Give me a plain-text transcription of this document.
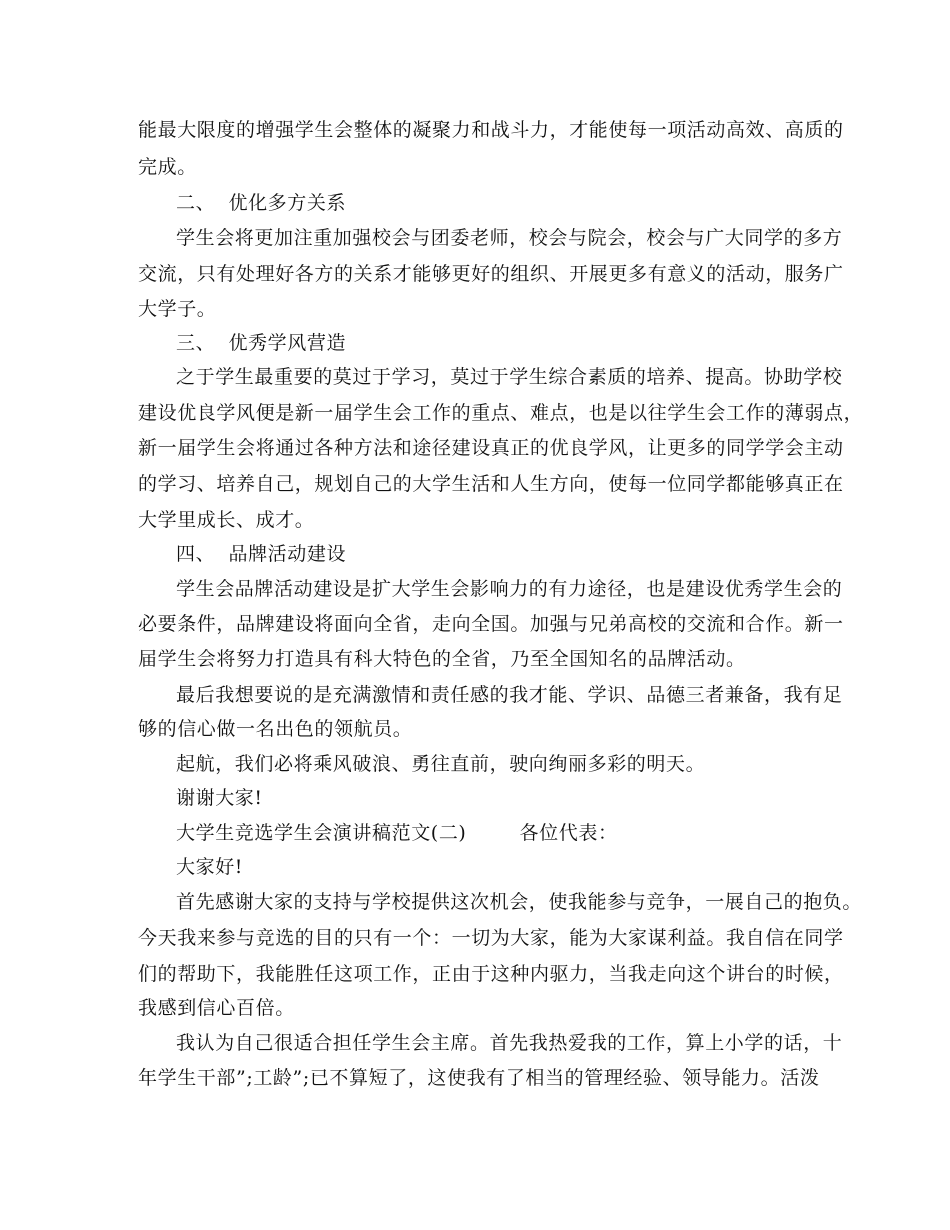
能最大限度的增强学生会整体的凝聚力和战斗力，才能使每一项活动高效、高质的
完成。
二、  优化多方关系
学生会将更加注重加强校会与团委老师，校会与院会，校会与广大同学的多方
交流，只有处理好各方的关系才能够更好的组织、开展更多有意义的活动，服务广
大学子。
三、  优秀学风营造
之于学生最重要的莫过于学习，莫过于学生综合素质的培养、提高。协助学校
建设优良学风便是新一届学生会工作的重点、难点，也是以往学生会工作的薄弱点，
新一届学生会将通过各种方法和途径建设真正的优良学风，让更多的同学学会主动
的学习、培养自己，规划自己的大学生活和人生方向，使每一位同学都能够真正在
大学里成长、成才。
四、  品牌活动建设
学生会品牌活动建设是扩大学生会影响力的有力途径，也是建设优秀学生会的
必要条件，品牌建设将面向全省，走向全国。加强与兄弟高校的交流和合作。新一
届学生会将努力打造具有科大特色的全省，乃至全国知名的品牌活动。
最后我想要说的是充满激情和责任感的我才能、学识、品德三者兼备，我有足
够的信心做一名出色的领航员。
起航，我们必将乘风破浪、勇往直前，驶向绚丽多彩的明天。
谢谢大家!
大学生竞选学生会演讲稿范文(二)        各位代表：
大家好!
首先感谢大家的支持与学校提供这次机会，使我能参与竞争，一展自己的抱负。
今天我来参与竞选的目的只有一个：一切为大家，能为大家谋利益。我自信在同学
们的帮助下，我能胜任这项工作，正由于这种内驱力，当我走向这个讲台的时候，
我感到信心百倍。
我认为自己很适合担任学生会主席。首先我热爱我的工作，算上小学的话，十
年学生干部”;工龄”;已不算短了，这使我有了相当的管理经验、领导能力。活泼
